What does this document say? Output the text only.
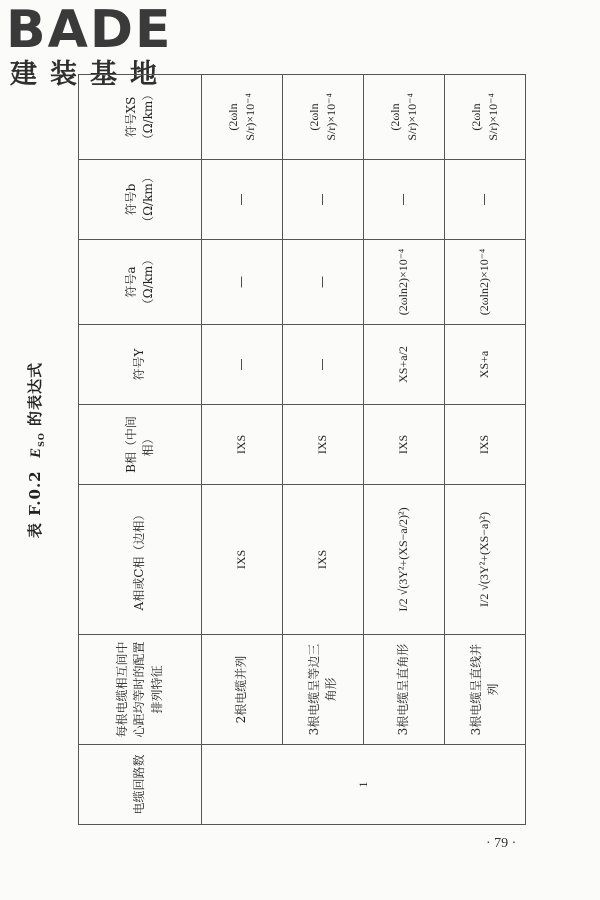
BADE
建装基地
表 F.0.2  $E_{SO}$ 的表达式
电缆回路数	每根电缆相互间中心距均等时的配置排列特征	A相或C相（边相）	B相（中间相）	符号Y	符号a（Ω/km）	符号b（Ω/km）	符号XS（Ω/km）
1	2根电缆并列	IXS	IXS	—	—	—	(2ωln S/r)×10⁻⁴
	3根电缆呈等边三角形	IXS	IXS	—	—	—	(2ωln S/r)×10⁻⁴
	3根电缆呈直角形	I/2 √(3Y²+(XS−a/2)²)	IXS	XS+a/2	(2ωln2)×10⁻⁴	—	(2ωln S/r)×10⁻⁴
	3根电缆呈直线并列	I/2 √(3Y²+(XS−a)²)	IXS	XS+a	(2ωln2)×10⁻⁴	—	(2ωln S/r)×10⁻⁴
· 79 ·
